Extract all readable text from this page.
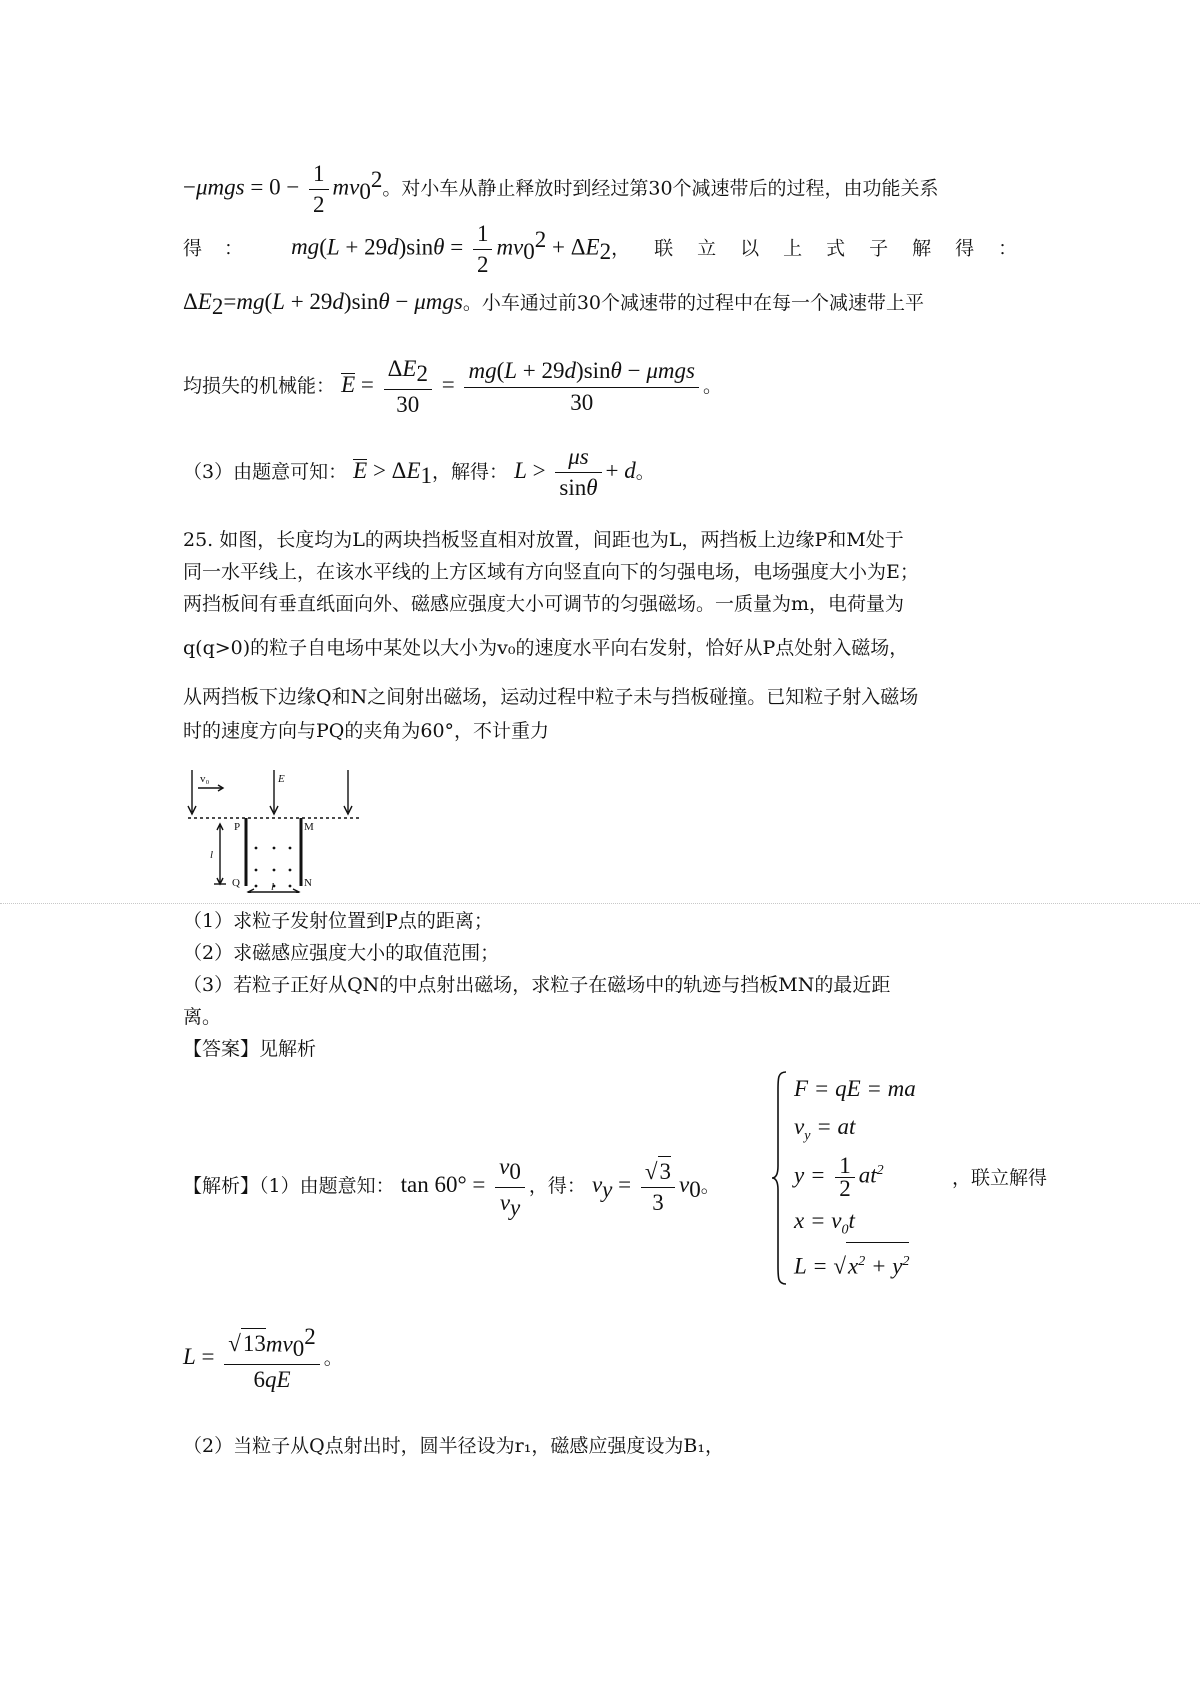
$-\mu mgs = 0 - \frac{1}{2} mv_0^2$。对小车从静止释放时到经过第30个减速带后的过程，由功能关系
得： $mg(L + 29d)\sin\theta = \frac{1}{2} mv_0^2 + \Delta E_2$，联立以上式子解得：
$\Delta E_2=mg(L + 29d)\sin\theta - \mu mgs$。小车通过前30个减速带的过程中在每一个减速带上平
均损失的机械能： $E = \frac{\Delta E_2}{30} = \frac{\text{mg(L + 29d)sinθ − μmgs}}{30}$ 。
（3）由题意可知： $E > \Delta E_1$，解得： $L > \frac{\mu s}{\sin\theta} + d$。
25. 如图，长度均为L的两块挡板竖直相对放置，间距也为L，两挡板上边缘P和M处于
同一水平线上，在该水平线的上方区域有方向竖直向下的匀强电场，电场强度大小为E；
两挡板间有垂直纸面向外、磁感应强度大小可调节的匀强磁场。一质量为m，电荷量为
q(q>0)的粒子自电场中某处以大小为v₀的速度水平向右发射，恰好从P点处射入磁场，
从两挡板下边缘Q和N之间射出磁场，运动过程中粒子未与挡板碰撞。已知粒子射入磁场
时的速度方向与PQ的夹角为60°，不计重力
v₀	E
P	M
Q	N
l
l
（1）求粒子发射位置到P点的距离；
（2）求磁感应强度大小的取值范围；
（3）若粒子正好从QN的中点射出磁场，求粒子在磁场中的轨迹与挡板MN的最近距
离。
【答案】见解析
【解析】（1）由题意知： $\tan 60^\circ = \frac{v_0}{v_y}$ ，得： $v_y = \frac{√3}{3} v_0$。
F = qE = ma
$v_y$ = at
$y = \frac{1}{2} at^2$
$x = v_0t$
$L = √x^2 + y^2$
，联立解得
$L = \frac{√13mv_0^2}{6qE}$ 。
（2）当粒子从Q点射出时，圆半径设为r₁，磁感应强度设为B₁，
